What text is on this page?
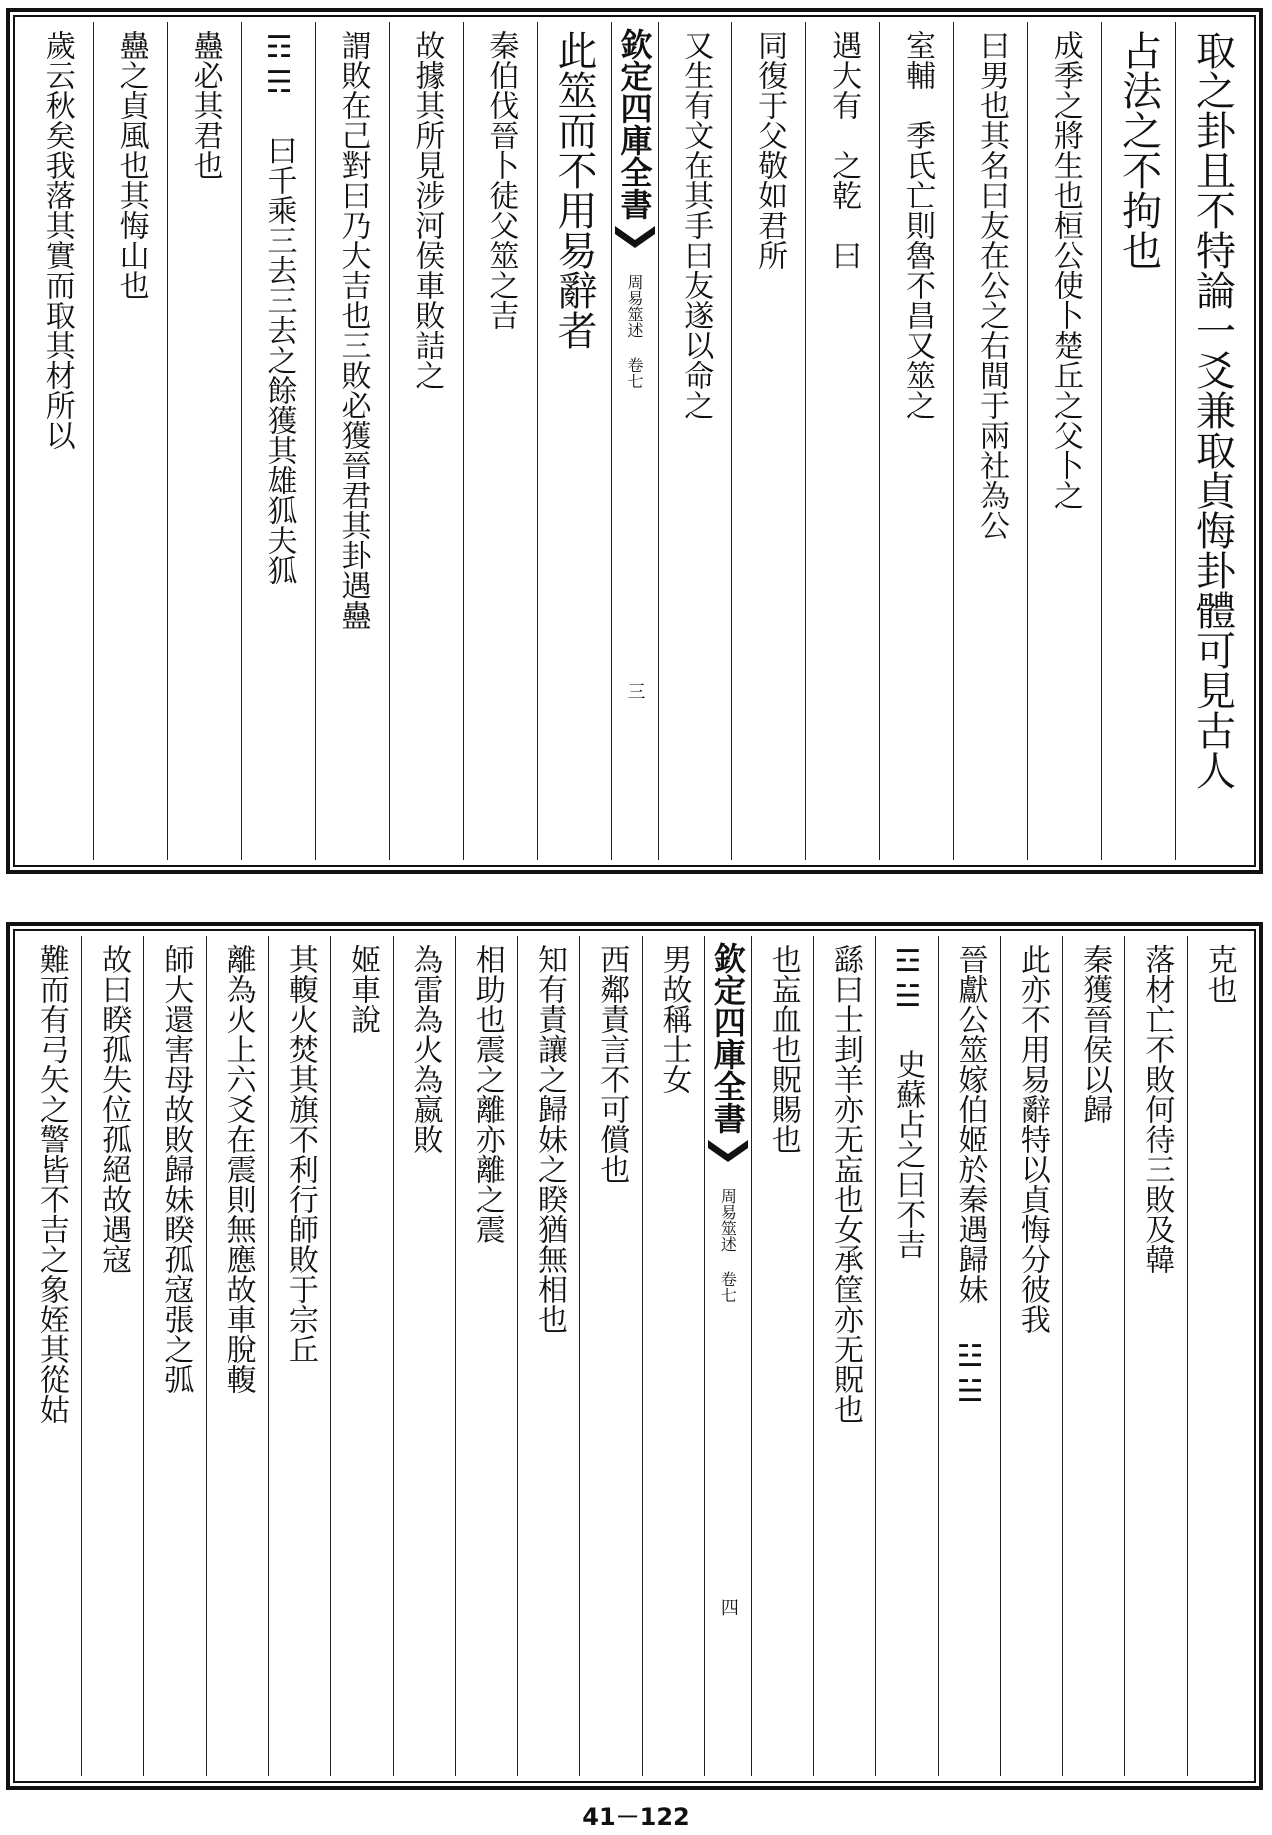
取之卦且不特論一爻兼取貞悔卦體可見古人
占法之不拘也
成季之將生也桓公使卜楚丘之父卜之
曰男也其名曰友在公之右間于兩社為公
室輔　季氏亡則魯不昌又筮之
遇大有　之乾　曰
同復于父敬如君所
又生有文在其手曰友遂以命之
欽定四庫全書
周易筮述 卷七
三
此筮而不用易辭者
秦伯伐晉卜徒父筮之吉
故據其所見涉河侯車敗詰之
謂敗在己對曰乃大吉也三敗必獲晉君其卦遇蠱
☶☴ 曰千乘三去三去之餘獲其雄狐夫狐
蠱必其君也
蠱之貞風也其悔山也
歲云秋矣我落其實而取其材所以
克也
落材亡不敗何待三敗及韓
秦獲晉侯以歸
此亦不用易辭特以貞悔分彼我
晉獻公筮嫁伯姬於秦遇歸妹 ☳☱
☲☱ 史蘇占之曰不吉
繇曰士刲羊亦无衁也女承筐亦无貺也
也衁血也貺賜也
欽定四庫全書
周易筮述 卷七
四
男故稱士女
西鄰責言不可償也
知有責讓之歸妹之睽猶無相也
相助也震之離亦離之震
為雷為火為嬴敗
姬車說
其輹火焚其旗不利行師敗于宗丘
離為火上六爻在震則無應故車脫輹
師大還害母故敗歸妹睽孤寇張之弧
故曰睽孤失位孤絕故遇寇
難而有弓矢之警皆不吉之象姪其從姑
41－122
